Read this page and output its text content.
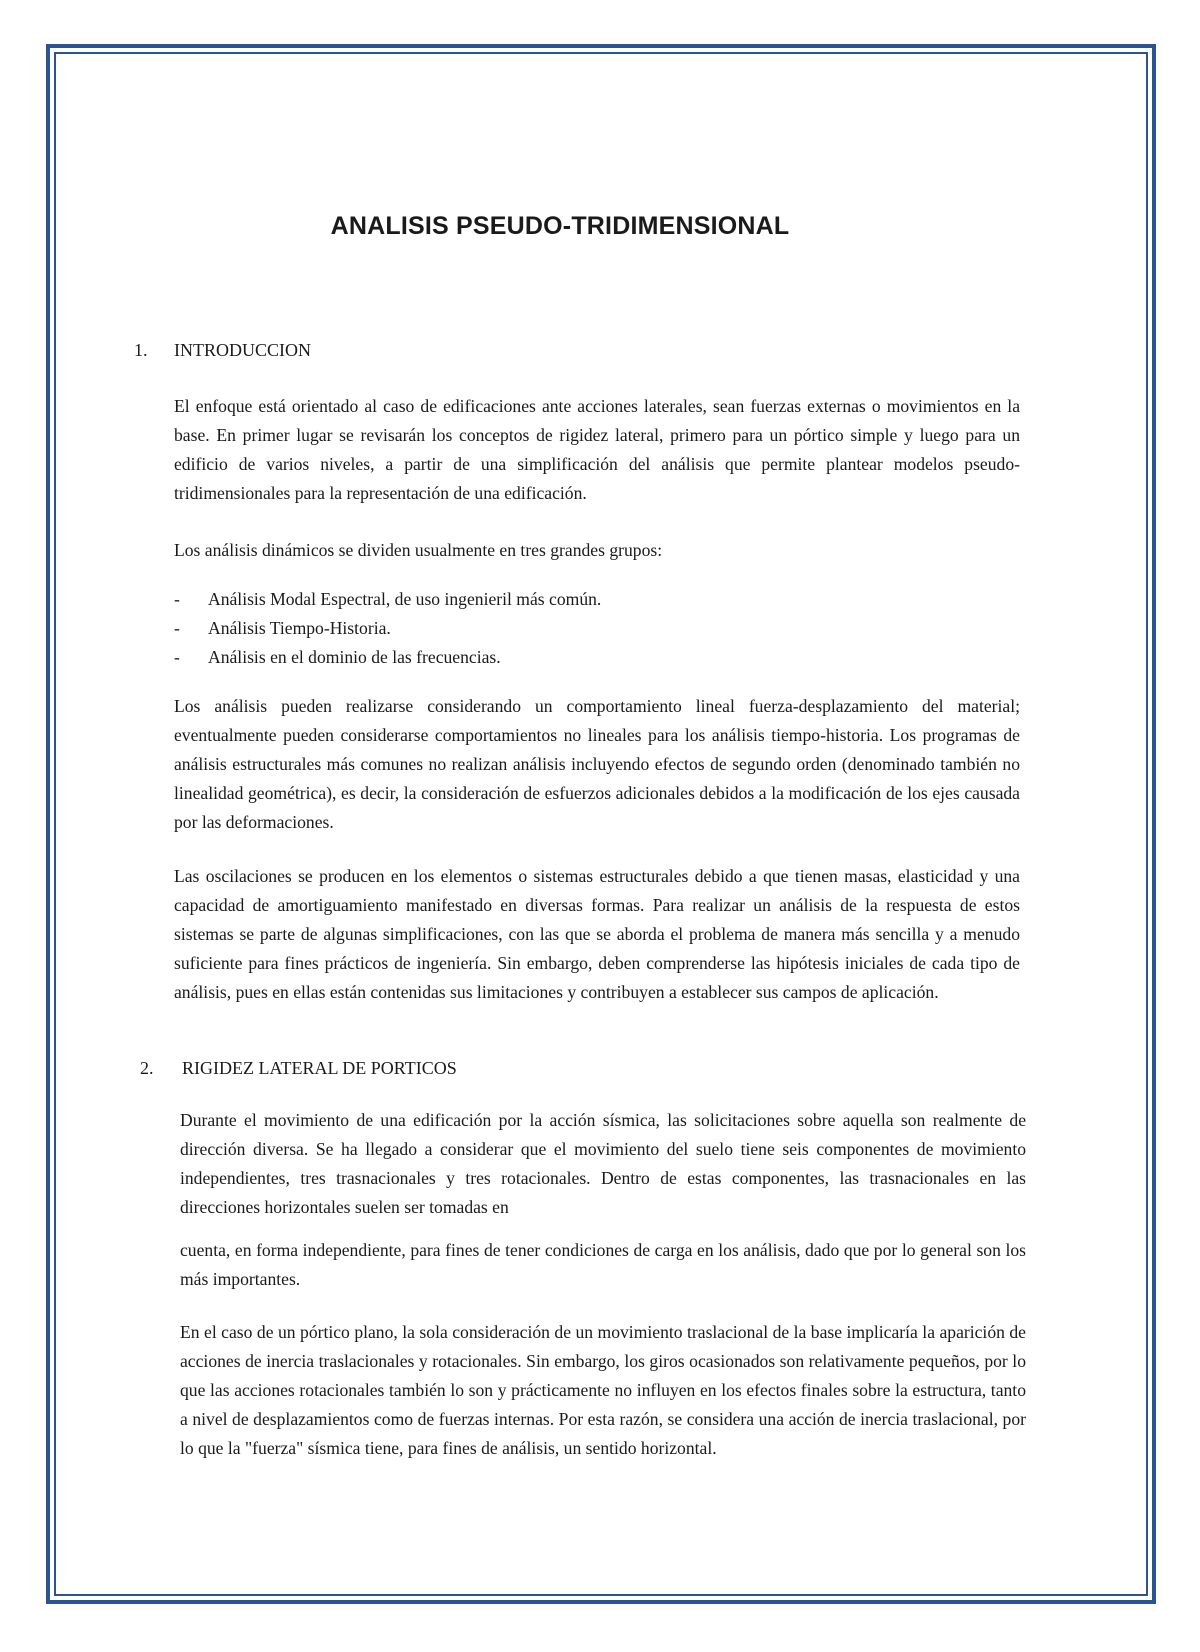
ANALISIS PSEUDO-TRIDIMENSIONAL
1. INTRODUCCION

El enfoque está orientado al caso de edificaciones ante acciones laterales, sean fuerzas externas o movimientos en la base. En primer lugar se revisarán los conceptos de rigidez lateral, primero para un pórtico simple y luego para un edificio de varios niveles, a partir de una simplificación del análisis que permite plantear modelos pseudo-tridimensionales para la representación de una edificación.

Los análisis dinámicos se dividen usualmente en tres grandes grupos:

- Análisis Modal Espectral, de uso ingenieril más común.
- Análisis Tiempo-Historia.
- Análisis en el dominio de las frecuencias.

Los análisis pueden realizarse considerando un comportamiento lineal fuerza-desplazamiento del material; eventualmente pueden considerarse comportamientos no lineales para los análisis tiempo-historia. Los programas de análisis estructurales más comunes no realizan análisis incluyendo efectos de segundo orden (denominado también no linealidad geométrica), es decir, la consideración de esfuerzos adicionales debidos a la modificación de los ejes causada por las deformaciones.

Las oscilaciones se producen en los elementos o sistemas estructurales debido a que tienen masas, elasticidad y una capacidad de amortiguamiento manifestado en diversas formas. Para realizar un análisis de la respuesta de estos sistemas se parte de algunas simplificaciones, con las que se aborda el problema de manera más sencilla y a menudo suficiente para fines prácticos de ingeniería. Sin embargo, deben comprenderse las hipótesis iniciales de cada tipo de análisis, pues en ellas están contenidas sus limitaciones y contribuyen a establecer sus campos de aplicación.

2. RIGIDEZ LATERAL DE PORTICOS

Durante el movimiento de una edificación por la acción sísmica, las solicitaciones sobre aquella son realmente de dirección diversa. Se ha llegado a considerar que el movimiento del suelo tiene seis componentes de movimiento independientes, tres trasnacionales y tres rotacionales. Dentro de estas componentes, las trasnacionales en las direcciones horizontales suelen ser tomadas en

cuenta, en forma independiente, para fines de tener condiciones de carga en los análisis, dado que por lo general son los más importantes.

En el caso de un pórtico plano, la sola consideración de un movimiento traslacional de la base implicaría la aparición de acciones de inercia traslacionales y rotacionales. Sin embargo, los giros ocasionados son relativamente pequeños, por lo que las acciones rotacionales también lo son y prácticamente no influyen en los efectos finales sobre la estructura, tanto a nivel de desplazamientos como de fuerzas internas. Por esta razón, se considera una acción de inercia traslacional, por lo que la "fuerza" sísmica tiene, para fines de análisis, un sentido horizontal.
